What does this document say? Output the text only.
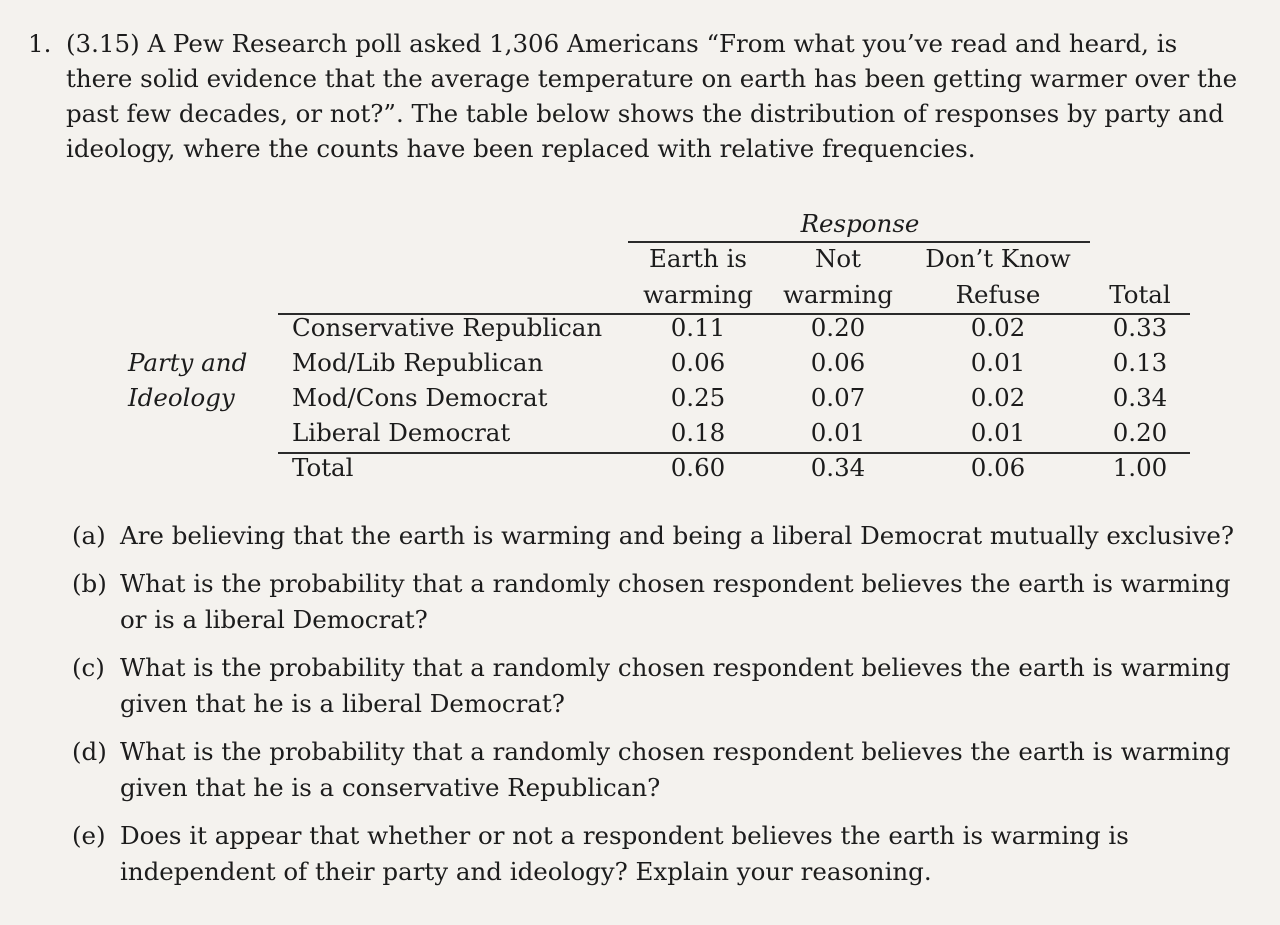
1. (3.15) A Pew Research poll asked 1,306 Americans “From what you’ve read and heard, is there solid evidence that the average temperature on earth has been getting warmer over the past few decades, or not?”. The table below shows the distribution of responses by party and ideology, where the counts have been replaced with relative frequencies.
Response
Earth is	Not	Don’t Know
warming	warming	Refuse	Total
Party and
Ideology
Conservative Republican	0.11	0.20	0.02	0.33
Mod/Lib Republican	0.06	0.06	0.01	0.13
Mod/Cons Democrat	0.25	0.07	0.02	0.34
Liberal Democrat	0.18	0.01	0.01	0.20
Total	0.60	0.34	0.06	1.00
(a) Are believing that the earth is warming and being a liberal Democrat mutually exclusive?
(b) What is the probability that a randomly chosen respondent believes the earth is warming or is a liberal Democrat?
(c) What is the probability that a randomly chosen respondent believes the earth is warming given that he is a liberal Democrat?
(d) What is the probability that a randomly chosen respondent believes the earth is warming given that he is a conservative Republican?
(e) Does it appear that whether or not a respondent believes the earth is warming is independent of their party and ideology? Explain your reasoning.
